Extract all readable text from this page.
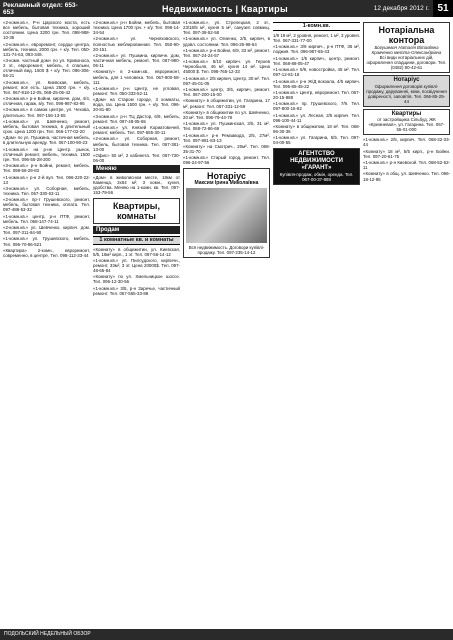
Рекламный отдел: 653-653	Недвижимость | Квартиры	12 декабря 2012 г. 51

«2-комн.кв.», Р-н Царского моста, есть все мебель, бытовая техника, хороший состоянии. Цена 3200 грн. Тел. 098-988-10-35

«2-комн.кв.», евроремонт, сердце центра, мебель, техника, 2000 грн. + к/у. Тел. 050-131-74-63, 093-348.

«3-комн. частный дом» по ул. Кривоноса, 2 эт., евроремонт, мебель, 4 спальни, отличный вид. 1500 $ + к/у. Тел. 096-306-56-21

«3-комн.кв.», ул. Киевская, мебель, ремонт, всё есть. Цена 2500 грн. + к/у. Тел. 067-818-12-05, 068-25-06-42

«3-комн.кв.» р-н Бойни, кирпичн. дом, 4/4, отличная, гараж, в/у. Тел. 096-987-82-95

«3-комн.кв.» в самом центре, ул. Чехова, длительно. Тел. 097-156-13-55

«1-комн.кв.» ул. Шевченко, ремонт, мебель, бытовая техника, в длительный срок. Цена 1200 грн. Тел. 066-177-02-20

«Дом» по ул. Пушкина, частичная мебель, в длительную аренду. Тел. 067-100-90-23

«1-комн.кв.» на р-не Центр. рынок, отличный ремонт, мебель, техника. 1500 грн. Тел. 096-55-28-200

«3-комн.кв.» р-н Бойни, ремонт, мебель. Тел. 098-56-29-83

«1-комн.кв.» р-н 2-й вул. Тел. 096-220-22-13

«3-комн.кв.» ул. Соборная, мебель, техника. Тел. 067-330-63-11

«2-комн.кв.» пр-т Грушевского, ремонт, мебель, бытовая техника, оплата. Тел. 097-488-53-32

«1-комн.кв.» центр, р-н ПТФ, ремонт, мебель. Тел. 068-147-74-11

«2-комн.кв.» ул. Шевченко, кирпич. дом. Тел. 097-311-84-90

«1-комн.кв.» ул. Грушевского, мебель. Тел. 096-70-86-521

«Квартира» 2-комн., евроремонт, современно, в центре. Тел. 098-112-33-44

«2-комн.кв.» р-н Бойни, мебель, бытовая техника. Цена 1700 грн. + к/у. Тел. 096-14-34-54

«2-комн.кв.» ул. Черняховского, полностью меблированная. Тел. 050-90-20-151

«2-комн.кв.» ул. Пушкина, кирпичн. дом, частичная мебель, ремонт. Тел. 067-980-06-11

«Комнату» в 2-комн.кв., евроремонт, мебель, для 1 человека. Тел. 067-900-58-111

«1-комн.кв.» р-н Центр, не угловая, ремонт. Тел. 050-333-52-11

«Дом» на Старом городе, 3 комнаты, вода, газ. Цена 1500 грн. + к/у. Тел. 096-20-81-80

«3-комн.кв.» р-н ТЦ Дастор, 6/9, мебель, ремонт. Тел. 097-48-05-65

«1-комн.кв.» ул. Князей Кориатовичей, ремонт, мебель. Тел. 097-555-30-11

«2-комн.кв.» ул. Соборная, ремонт, мебель, бытовая техника. Тел. 067-381-13-00

«Офис» 50 м², 2 кабинета. Тел. 067-730-06-00

Меняю

«Дом» в живописном месте, 18км от Каменца, 3х54 м², 3 комн., кухня, удобства. Меняю на 1-комн. кв. Тел. 097-153-79-56

Квартиры, комнаты
Продам
1 комнатные кв. и комнаты

«Комнату» в общежитии, ул. Киевская, 5/5, 18м² кирп., 1 эт. Тел. 097-56-14-12

«1-комн.кв.» ул. Пилсудского, кирпичн., ремонт, 33м², 3 эт. Цена 20000$. Тел. 097-48-65-84

«Комнату» по ул. Хмельницкое шоссе. Тел. 096-12-30-56

«1-комн.кв.» 3/5, р-н Заречье, частичный ремонт. Тел. 067-555-33-88

«1-комн.кв.», ул. Стрелецкая, 2 эт., 23/18/5 м², кухня 5 м², санузел совмещ. Тел. 097-38-52-58

«1-комн.кв.» ул. Огиенко, 2/5, кирпич, в удовл. состоянии. Тел. 096-26-98-64

«1-комн.кв.» р-н Бойни, 6/9, 33 м², ремонт. Тел. 067-24-24-57

«1-комн.кв.» 5/10 кирпич. ул. Героев Чернобыля, 46 м², кухня 14 м². Цена 45000 $. Тел. 098-765-12-33

«1-комн.кв.» 2/5 кирпич, Центр, 30 м². Тел. 097-45-01-05

«1-комн.кв.» центр, 3/5, кирпич, ремонт. Тел. 067-200-15-00

«Комнату» в общежитии, ул. Гагарина, 17 м², ремонт. Тел. 067-331-12-59

«Комнату» в общежитии по ул. Шевченко, 20 м². Тел. 096-79-44-78

«1-комн.кв.» ул. Пушкинская, 3/5, 31 м². Тел. 068-72-86-69

«1-комн.кв.» р-н Ремзавода, 2/5, 27м². Тел. 097-881-83-13

«Комнату» на Смотрич., 20м². Тел. 068-35-31-70

«1-комн.кв.» Старый город, ремонт. Тел. 096-24-97-56

Нотаріус
Максим Ірина Миколаївна
Вся недвижимость. Договори купівлі-продажу. Тел. 097-235-14-12
1-комн.кв.

1/9 19 м², 2 уровня, ремонт, 1 м², 3 уровня. Тел. 067-331-77-00

«1-комн.кв.» 3/9 кирпич., р-н ПТФ, 36 м², лоджия. Тел. 096-987-65-43

«1-комн.кв.» 1/5 кирпич., центр, ремонт. Тел. 068-88-05-47

«1-комн.кв.» 5/9, новостройка, 45 м². Тел. 097-12-81-18

«1-комн.кв.» р-н Ж/Д вокзала, 4/5 кирпич. Тел. 096-85-45-22

«1-комн.кв.» Центр, евроремонт. Тел. 067-20-15-888

«1-комн.кв.» пр. Грушевского, 7/9. Тел. 097-800-15-82

«1-комн.кв.» ул. Лесная, 2/5 кирпич. Тел. 096-100-44-11

«Комнату» в общежитии, 18 м². Тел. 068-96-30-36

«1-комн.кв.» ул. Гагарина, 5/5. Тел. 097-04-00-55

АГЕНТСТВО НЕДВИЖИМОСТИ «ГАРАНТ»
Купівля-продаж, обмін, оренда. Тел. 067-00-37-888
Нотаріальна контора
Богушевич Наталія Віталіївна
Кравченко Іветта-Олександрівна
Всі види нотаріальних дій, оформлення спадщини, договори. Тел. (0482) 90-42-61
Нотаріус
Оформлення договорів купівлі-продажу, даруванняі, міни, посвідчення довіреності, заповітів. Тел. 066-85-25-44
Квартиры
от застройщика Сільбуд, ЖК «Кремневая», ул. Гагарина. Тел. 067-55-01-000

«1-комн.кв.» 2/5, кирпич. Тел. 068-32-33-44

«Комнату» 18 м², 5/5 кирп., р-н Бойни. Тел. 097-20-61-75

«1-комн.кв.» р-н Киевской. Тел. 068-52-52-11

«Комнату» в общ. ул. Шевченко. Тел. 096-18-12-95

ПОДОЛЬСКИЙ НЕДЕЛЬНЫЙ ОБЗОР
